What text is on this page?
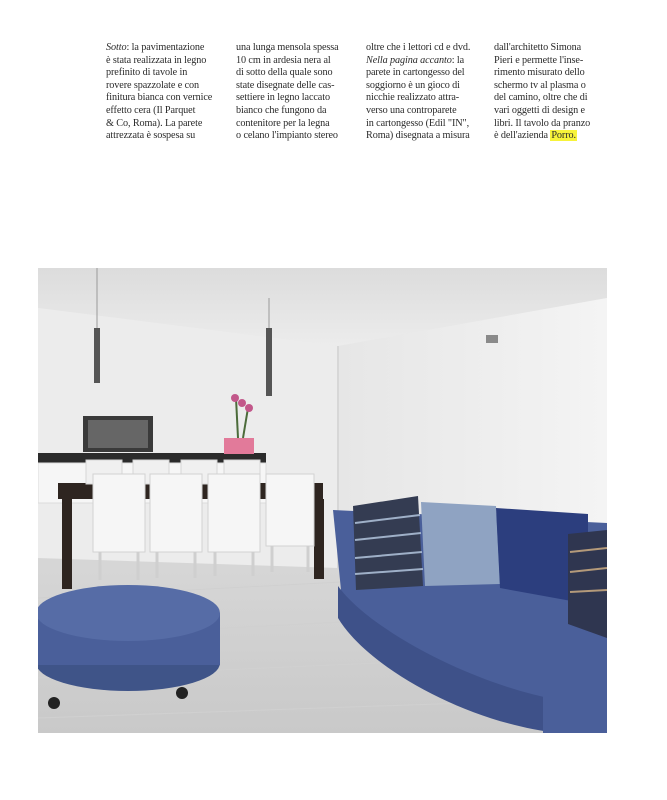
Sotto: la pavimentazione
è stata realizzata in legno
prefinito di tavole in
rovere spazzolate e con
finitura bianca con vernice
effetto cera (Il Parquet
& Co, Roma). La parete
attrezzata è sospesa su
una lunga mensola spessa
10 cm in ardesia nera al
di sotto della quale sono
state disegnate delle cas-
settiere in legno laccato
bianco che fungono da
contenitore per la legna
o celano l'impianto stereo
oltre che i lettori cd e dvd.
Nella pagina accanto: la
parete in cartongesso del
soggiorno è un gioco di
nicchie realizzato attra-
verso una controparete
in cartongesso (Edil "IN",
Roma) disegnata a misura
dall'architetto Simona
Pieri e permette l'inse-
rimento misurato dello
schermo tv al plasma o
del camino, oltre che di
vari oggetti di design e
libri. Il tavolo da pranzo
è dell'azienda Porro.
